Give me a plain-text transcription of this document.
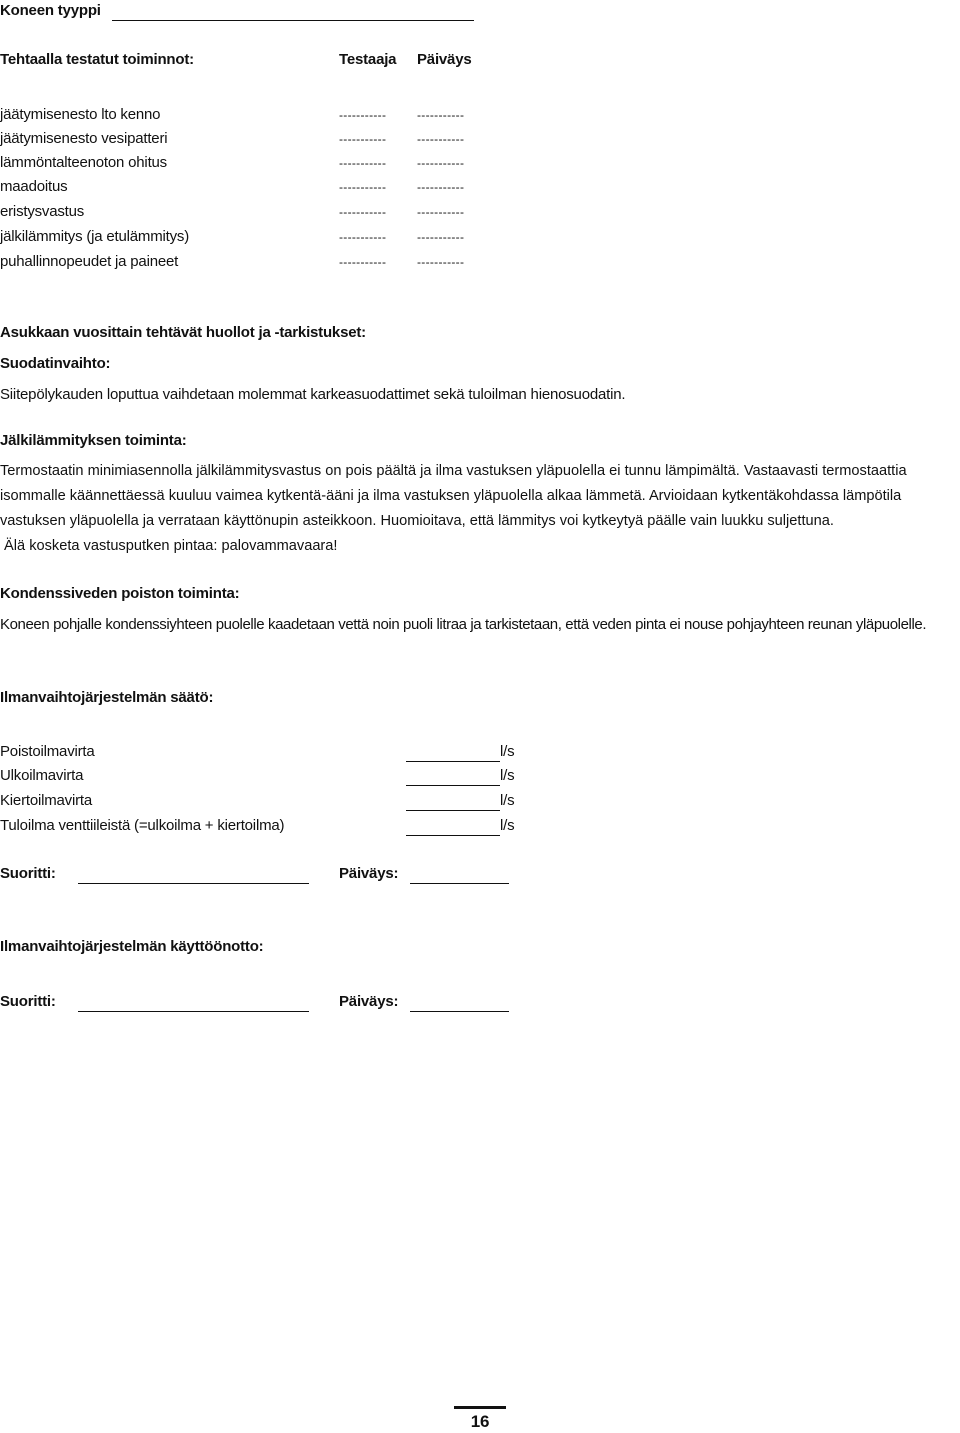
Koneen tyyppi
Tehtaalla testatut toiminnot:	Testaaja Päiväys
jäätymisenesto lto kenno	-----------	-----------
jäätymisenesto vesipatteri	-----------	-----------
lämmöntalteenoton ohitus	-----------	-----------
maadoitus	-----------	-----------
eristysvastus	-----------	-----------
jälkilämmitys (ja etulämmitys)	-----------	-----------
puhallinnopeudet ja paineet	-----------	-----------
Asukkaan vuosittain tehtävät huollot ja -tarkistukset:
Suodatinvaihto:
Siitepölykauden loputtua vaihdetaan molemmat karkeasuodattimet sekä tuloilman hienosuodatin.
Jälkilämmityksen toiminta:
Termostaatin minimiasennolla jälkilämmitysvastus on pois päältä ja ilma vastuksen yläpuolella ei tunnu lämpimältä. Vastaavasti termostaattia
isommalle käännettäessä kuuluu vaimea kytkentä-ääni ja ilma vastuksen yläpuolella alkaa lämmetä. Arvioidaan kytkentäkohdassa lämpötila
vastuksen yläpuolella ja verrataan käyttönupin asteikkoon. Huomioitava, että lämmitys voi kytkeytyä päälle vain luukku suljettuna.
Älä kosketa vastusputken pintaa: palovammavaara!
Kondenssiveden poiston toiminta:
Koneen pohjalle kondenssiyhteen puolelle kaadetaan vettä noin puoli litraa ja tarkistetaan, että veden pinta ei nouse pohjayhteen reunan yläpuolelle.
Ilmanvaihtojärjestelmän säätö:
Poistoilmavirta	l/s
Ulkoilmavirta	l/s
Kiertoilmavirta	l/s
Tuloilma venttiileistä (=ulkoilma + kiertoilma)	l/s
Suoritti:	Päiväys:
Ilmanvaihtojärjestelmän käyttöönotto:
Suoritti:	Päiväys:
16
